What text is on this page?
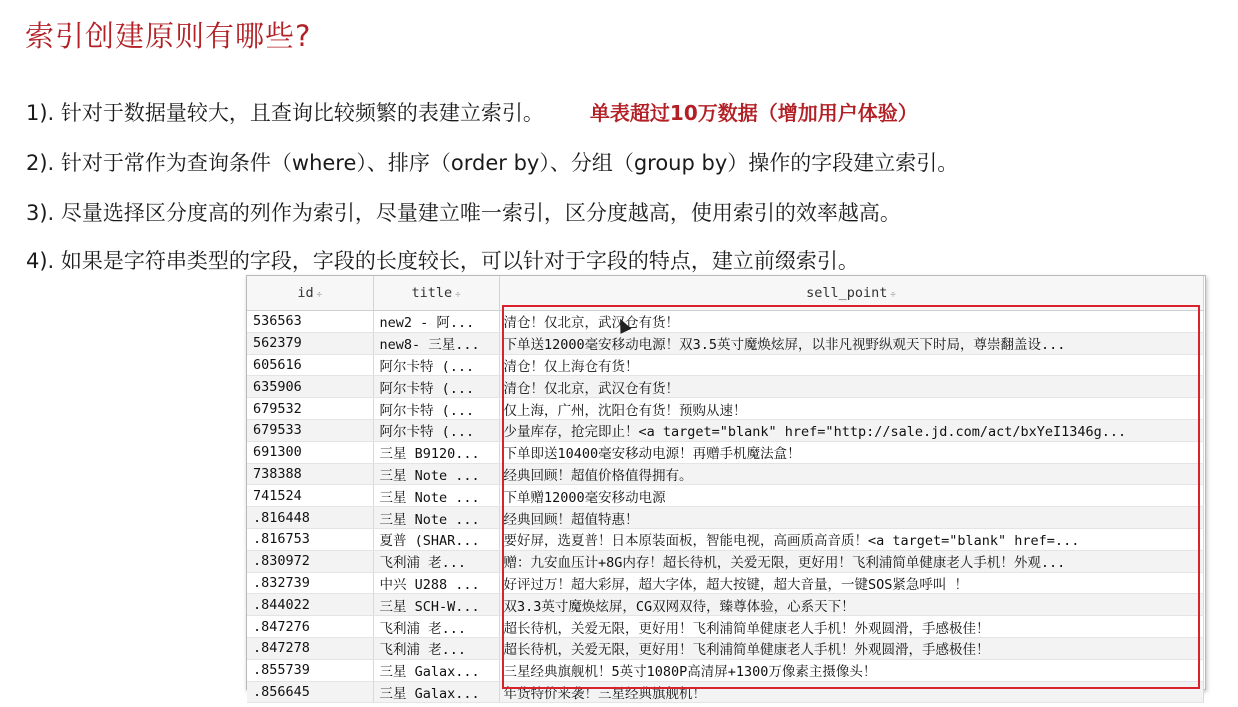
索引创建原则有哪些?
1). 针对于数据量较大，且查询比较频繁的表建立索引。 单表超过10万数据（增加用户体验）
2). 针对于常作为查询条件（where）、排序（order by）、分组（group by）操作的字段建立索引。
3). 尽量选择区分度高的列作为索引，尽量建立唯一索引，区分度越高，使用索引的效率越高。
4). 如果是字符串类型的字段，字段的长度较长，可以针对于字段的特点，建立前缀索引。
id ÷	title ÷	sell_point ÷
536563	new2 - 阿...	清仓！仅北京，武汉仓有货！
562379	new8- 三星...	下单送12000毫安移动电源！双3.5英寸魔焕炫屏，以非凡视野纵观天下时局，尊崇翻盖设...
605616	阿尔卡特 (...	清仓！仅上海仓有货！
635906	阿尔卡特 (...	清仓！仅北京，武汉仓有货！
679532	阿尔卡特 (...	仅上海，广州，沈阳仓有货！预购从速！
679533	阿尔卡特 (...	少量库存，抢完即止！<a target="blank" href="http://sale.jd.com/act/bxYeI1346g...
691300	三星 B9120...	下单即送10400毫安移动电源！再赠手机魔法盒！
738388	三星 Note ...	经典回顾！超值价格值得拥有。
741524	三星 Note ...	下单赠12000毫安移动电源
.816448	三星 Note ...	经典回顾！超值特惠！
.816753	夏普 (SHAR...	要好屏，选夏普！日本原装面板，智能电视，高画质高音质！<a target="blank" href=...
.830972	飞利浦 老...	赠：九安血压计+8G内存！超长待机，关爱无限，更好用！飞利浦简单健康老人手机！外观...
.832739	中兴 U288 ...	好评过万！超大彩屏，超大字体，超大按键，超大音量，一键SOS紧急呼叫 ！
.844022	三星 SCH-W...	双3.3英寸魔焕炫屏，CG双网双待，臻尊体验，心系天下！
.847276	飞利浦 老...	超长待机，关爱无限，更好用！飞利浦简单健康老人手机！外观圆滑，手感极佳！
.847278	飞利浦 老...	超长待机，关爱无限，更好用！飞利浦简单健康老人手机！外观圆滑，手感极佳！
.855739	三星 Galax...	三星经典旗舰机！5英寸1080P高清屏+1300万像素主摄像头！
.856645	三星 Galax...	年货特价来袭！三星经典旗舰机！
